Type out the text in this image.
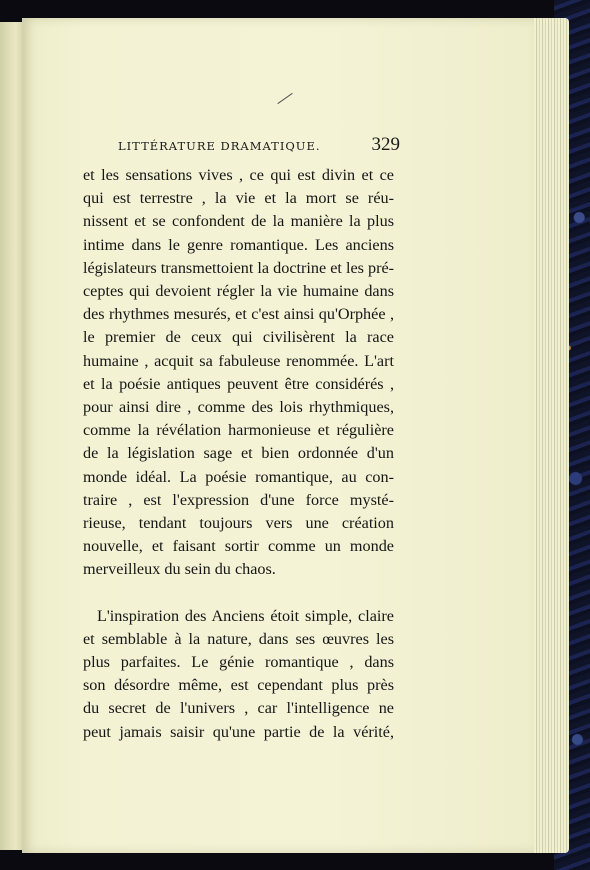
LITTÉRATURE DRAMATIQUE.	329
et les sensations vives , ce qui est divin et ce
qui est terrestre , la vie et la mort se réu-
nissent et se confondent de la manière la plus
intime dans le genre romantique. Les anciens
législateurs transmettoient la doctrine et les pré-
ceptes qui devoient régler la vie humaine dans
des rhythmes mesurés, et c'est ainsi qu'Orphée ,
le premier de ceux qui civilisèrent la race
humaine , acquit sa fabuleuse renommée. L'art
et la poésie antiques peuvent être considérés ,
pour ainsi dire , comme des lois rhythmiques,
comme la révélation harmonieuse et régulière
de la législation sage et bien ordonnée d'un
monde idéal. La poésie romantique, au con-
traire , est l'expression d'une force mysté-
rieuse, tendant toujours vers une création
nouvelle, et faisant sortir comme un monde
merveilleux du sein du chaos.
L'inspiration des Anciens étoit simple, claire
et semblable à la nature, dans ses œuvres les
plus parfaites. Le génie romantique , dans
son désordre même, est cependant plus près
du secret de l'univers , car l'intelligence ne
peut jamais saisir qu'une partie de la vérité,
